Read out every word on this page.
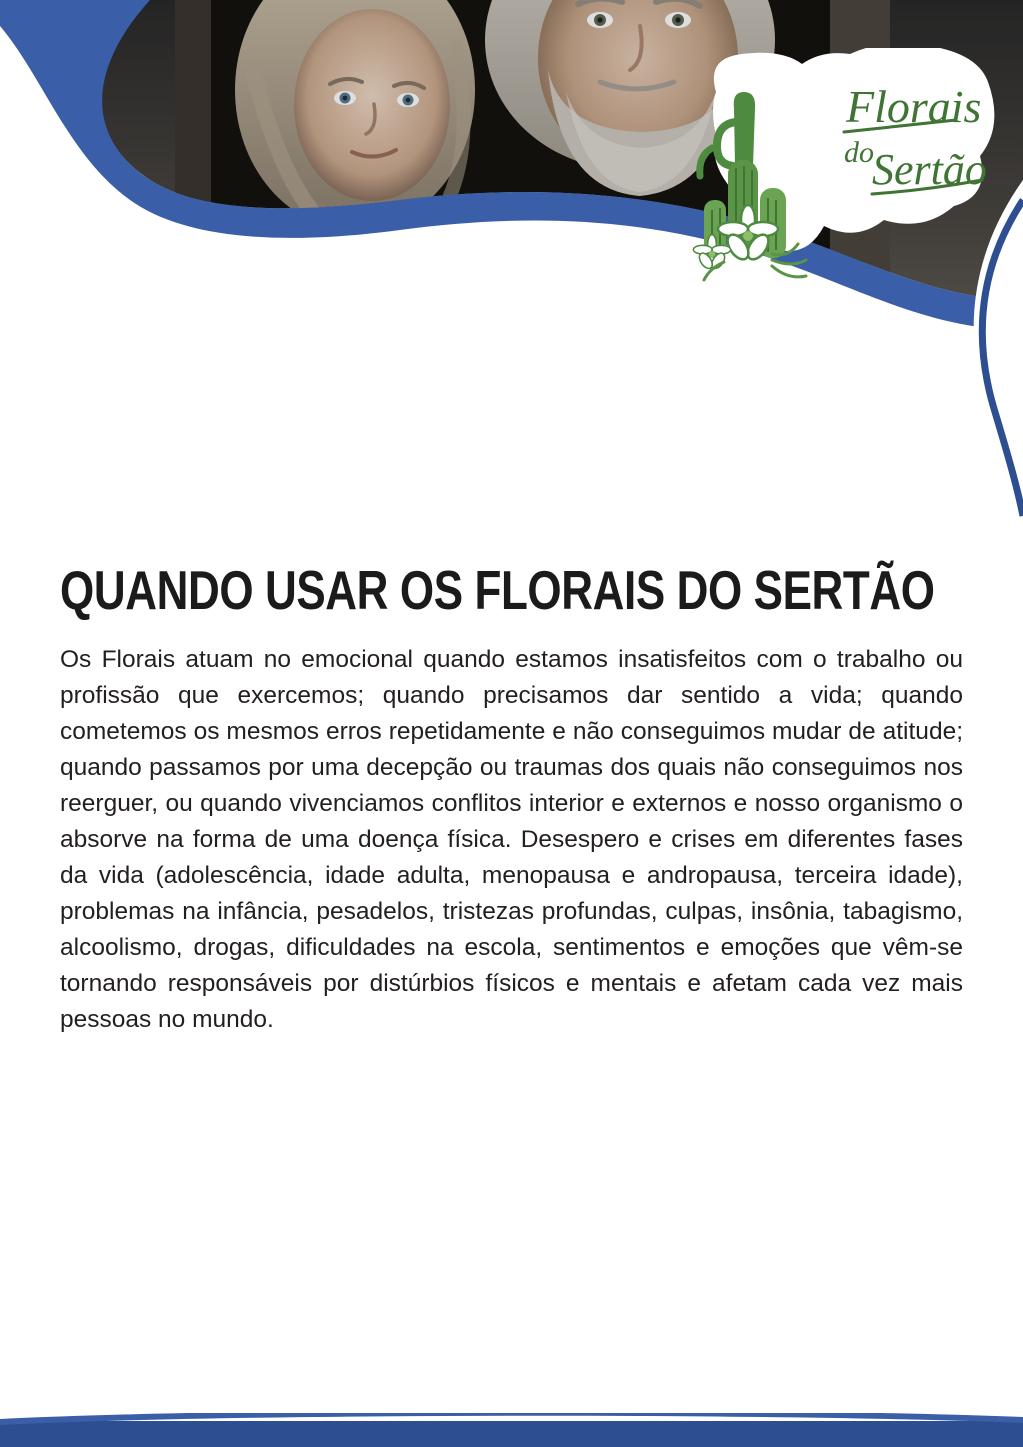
Florais
do
Sertão
QUANDO USAR OS FLORAIS DO SERTÃO

Os Florais atuam no emocional quando estamos insatisfeitos com o trabalho ou profissão que exercemos; quando precisamos dar sentido a vida; quando cometemos os mesmos erros repetidamente e não conseguimos mudar de atitude; quando passamos por uma decepção ou traumas dos quais não conseguimos nos reerguer, ou quando vivenciamos conflitos interior e externos e nosso organismo o absorve na forma de uma doença física. Desespero e crises em diferentes fases da vida (adolescência, idade adulta, menopausa e andropausa, terceira idade), problemas na infância, pesadelos, tristezas profundas, culpas, insônia, tabagismo, alcoolismo, drogas, dificuldades na escola, sentimentos e emoções que vêm-se tornando responsáveis por distúrbios físicos e mentais e afetam cada vez mais pessoas no mundo.
